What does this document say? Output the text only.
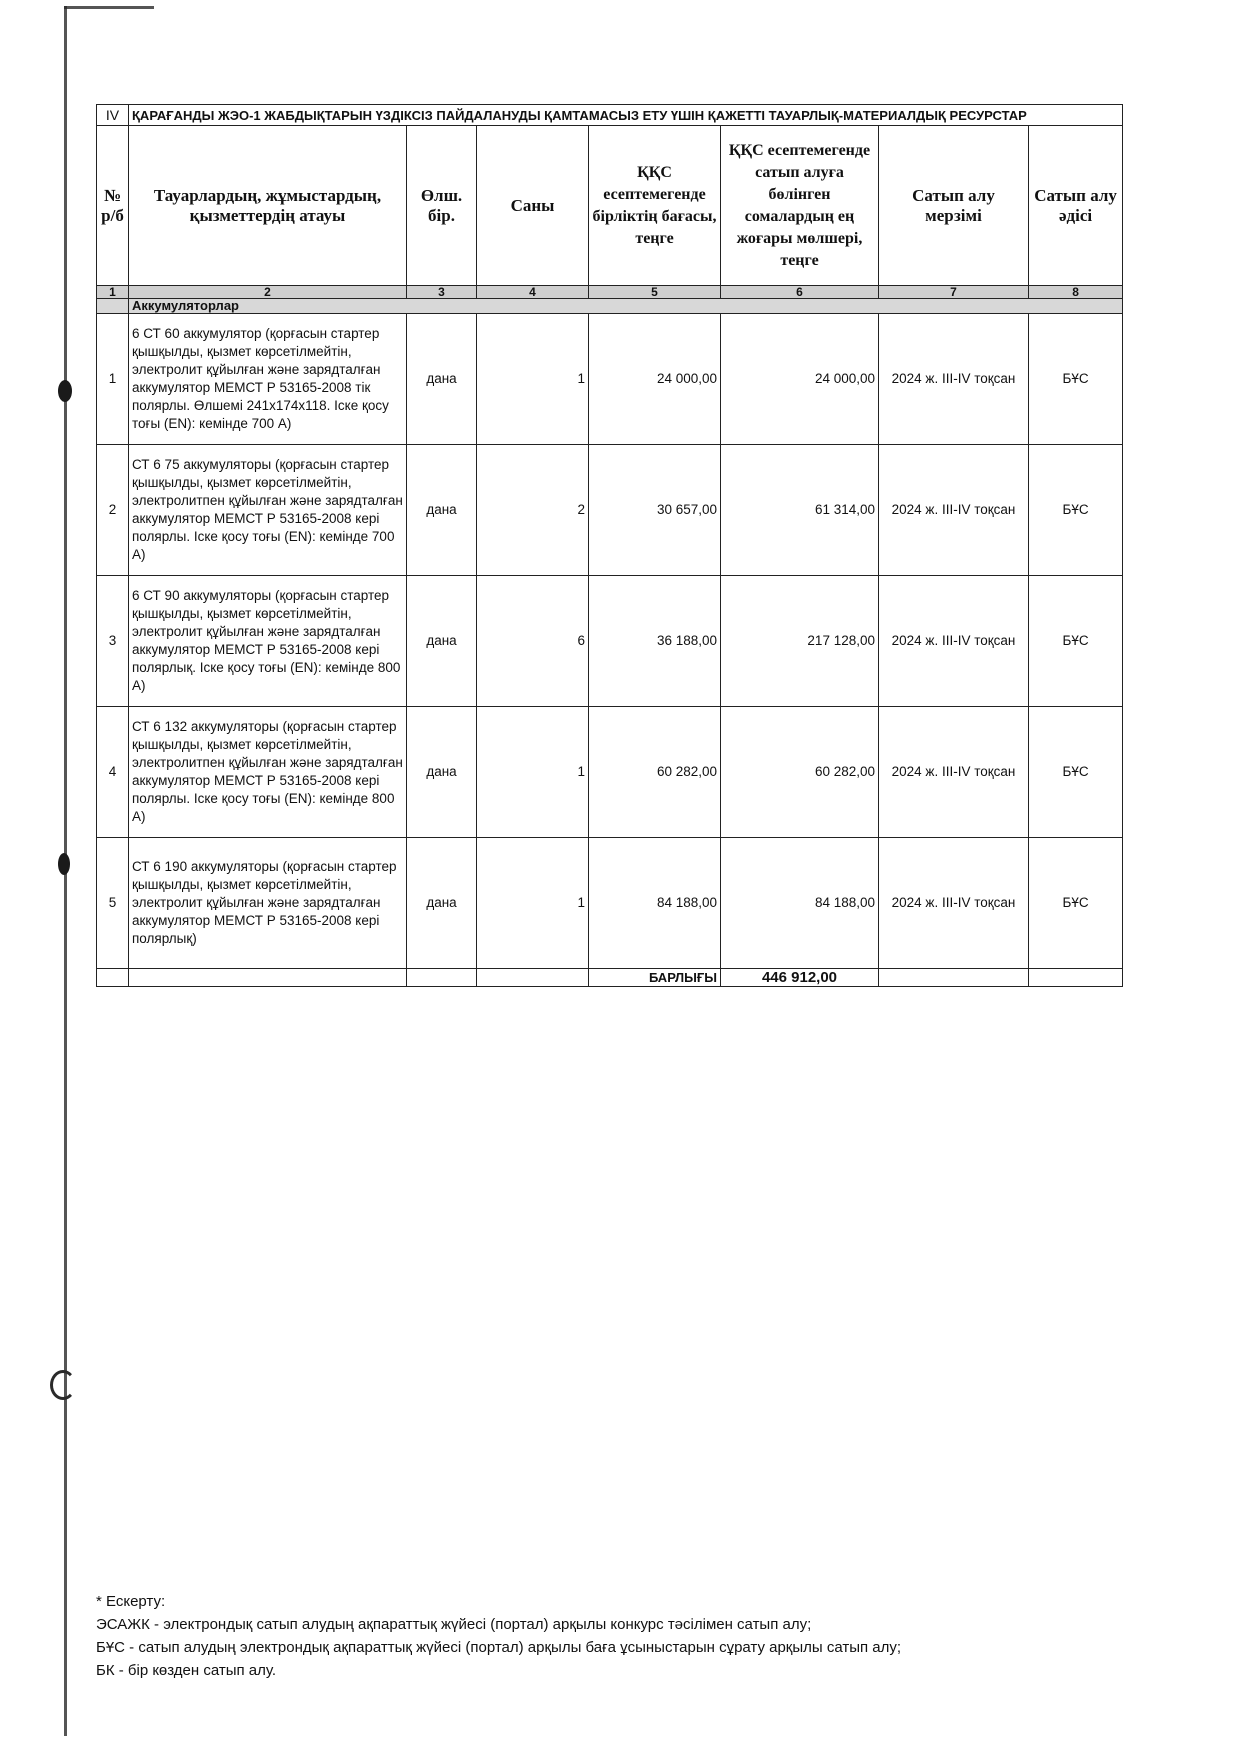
IV	ҚАРАҒАНДЫ ЖЭО-1 ЖАБДЫҚТАРЫН ҮЗДІКСІЗ ПАЙДАЛАНУДЫ ҚАМТАМАСЫЗ ЕТУ ҮШІН ҚАЖЕТТІ ТАУАРЛЫҚ-МАТЕРИАЛДЫҚ РЕСУРСТАР						
№ р/б	Тауарлардың, жұмыстардың, қызметтердің атауы	Өлш. бір.	Саны	ҚҚС есептемегенде бірліктің бағасы, теңге	ҚҚС есептемегенде сатып алуға бөлінген сомалардың ең жоғары мөлшері, теңге	Сатып алу мерзімі	Сатып алу әдісі
1	2	3	4	5	6	7	8
	Аккумуляторлар						
1	6 СТ 60 аккумулятор (қорғасын стартер қышқылды, қызмет көрсетілмейтін, электролит құйылған және зарядталған аккумулятор МЕМСТ Р 53165-2008 тік полярлы. Өлшемі 241х174х118. Іске қосу тоғы (EN): кемінде 700 А)	дана	1	24 000,00	24 000,00	2024 ж. III-IV тоқсан	БҰС
2	СТ 6 75 аккумуляторы (қорғасын стартер қышқылды, қызмет көрсетілмейтін, электролитпен құйылған және зарядталған аккумулятор МЕМСТ Р 53165-2008 кері полярлы. Іске қосу тоғы (EN): кемінде 700 А)	дана	2	30 657,00	61 314,00	2024 ж. III-IV тоқсан	БҰС
3	6 СТ 90 аккумуляторы (қорғасын стартер қышқылды, қызмет көрсетілмейтін, электролит құйылған және зарядталған аккумулятор МЕМСТ Р 53165-2008 кері полярлық. Іске қосу тоғы (EN): кемінде 800 А)	дана	6	36 188,00	217 128,00	2024 ж. III-IV тоқсан	БҰС
4	СТ 6 132 аккумуляторы (қорғасын стартер қышқылды, қызмет көрсетілмейтін, электролитпен құйылған және зарядталған аккумулятор МЕМСТ Р 53165-2008 кері полярлы. Іске қосу тоғы (EN): кемінде 800 А)	дана	1	60 282,00	60 282,00	2024 ж. III-IV тоқсан	БҰС
5	СТ 6 190 аккумуляторы (қорғасын стартер қышқылды, қызмет көрсетілмейтін, электролит құйылған және зарядталған аккумулятор МЕМСТ Р 53165-2008 кері полярлық)	дана	1	84 188,00	84 188,00	2024 ж. III-IV тоқсан	БҰС
				БАРЛЫҒЫ	446 912,00		
* Ескерту:
ЭСАЖК - электрондық сатып алудың ақпараттық жүйесі (портал) арқылы конкурс тәсілімен сатып алу;
БҰС - сатып алудың электрондық ақпараттық жүйесі (портал) арқылы баға ұсыныстарын сұрату арқылы сатып алу;
БК - бір көзден сатып алу.
